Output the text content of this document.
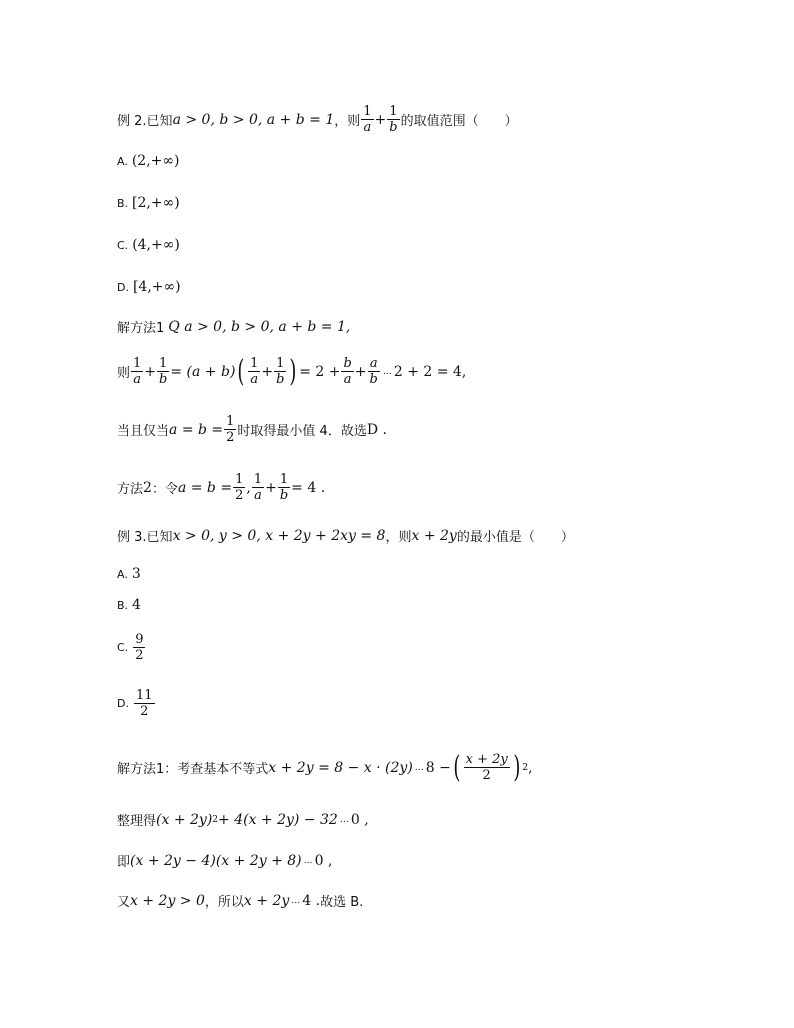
例 2. 已知 a > 0, b > 0, a + b = 1 ，则 $\frac{1}{a} + \frac{1}{b}$ 的取值范围（　　）
A. (2,+∞)
B. [2,+∞)
C. (4,+∞)
D. [4,+∞)
解方法1 Q a > 0, b > 0, a + b = 1,
则 $\frac{1}{a} + \frac{1}{b} = (a + b)$ ( $\frac{1}{a} + \frac{1}{b}$ ) = $2 + \frac{b}{a} + \frac{a}{b}$ … 2 + 2 = 4,
当且仅当 $a = b = \frac{1}{2}$ 时取得最小值 4．故选 D .
方法 2 ：令 $a = b = \frac{1}{2}$ , $\frac{1}{a} + \frac{1}{b} = 4$ .
例 3. 已知 x > 0, y > 0, x + 2y + 2xy = 8 ，则 x + 2y 的最小值是（　　）
A. 3
B. 4
C. $\frac{9}{2}$
D. $\frac{11}{2}$
解方法1：考查基本不等式 x + 2y = 8 − x · (2y) … 8 − ( $\frac{x + 2y}{2}$ ) 2 ,
整理得 (x + 2y) 2 + 4(x + 2y) − 32 … 0 ,
即 (x + 2y − 4)(x + 2y + 8) … 0 ,
又 x + 2y > 0 ，所以 x + 2y … 4 . 故选 B.
